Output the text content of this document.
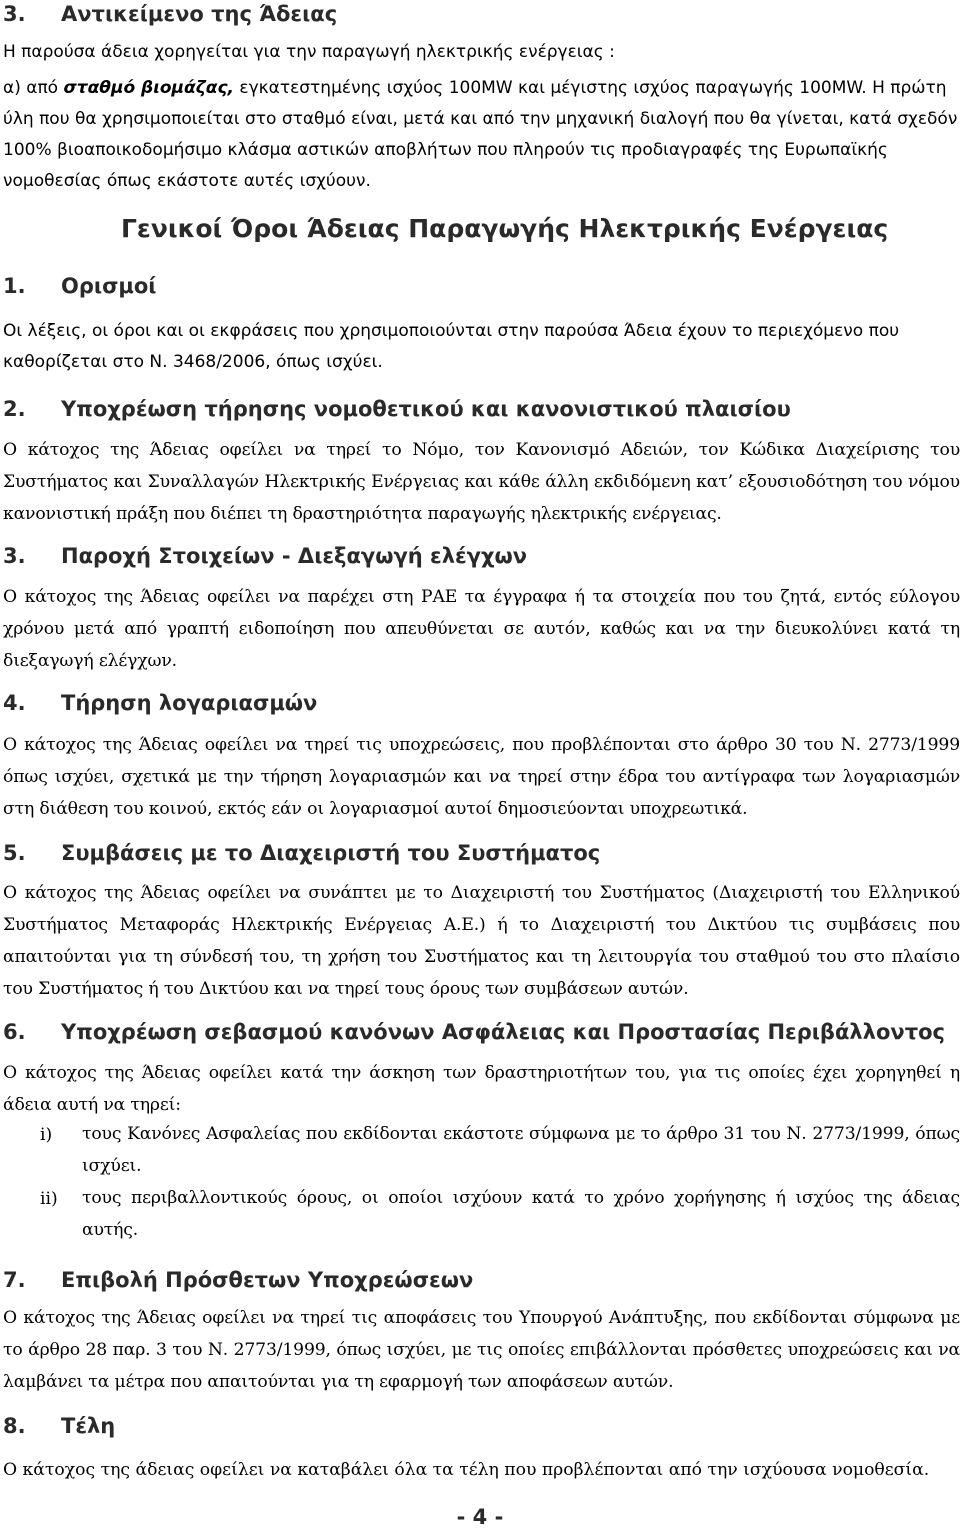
3. Αντικείμενο της Άδειας
Η παρούσα άδεια χορηγείται για την παραγωγή ηλεκτρικής ενέργειας :
α) από σταθμό βιομάζας, εγκατεστημένης ισχύος 100MW και μέγιστης ισχύος παραγωγής 100MW. Η πρώτη ύλη που θα χρησιμοποιείται στο σταθμό είναι, μετά και από την μηχανική διαλογή που θα γίνεται, κατά σχεδόν 100% βιοαποικοδομήσιμο κλάσμα αστικών αποβλήτων που πληρούν τις προδιαγραφές της Ευρωπαϊκής νομοθεσίας όπως εκάστοτε αυτές ισχύουν.
Γενικοί Όροι Άδειας Παραγωγής Ηλεκτρικής Ενέργειας
1. Ορισμοί
Οι λέξεις, οι όροι και οι εκφράσεις που χρησιμοποιούνται στην παρούσα Άδεια έχουν το περιεχόμενο που καθορίζεται στο Ν. 3468/2006, όπως ισχύει.
2. Υποχρέωση τήρησης νομοθετικού και κανονιστικού πλαισίου
Ο κάτοχος της Άδειας οφείλει να τηρεί το Νόμο, τον Κανονισμό Αδειών, τον Κώδικα Διαχείρισης του Συστήματος και Συναλλαγών Ηλεκτρικής Ενέργειας και κάθε άλλη εκδιδόμενη κατ’ εξουσιοδότηση του νόμου κανονιστική πράξη που διέπει τη δραστηριότητα παραγωγής ηλεκτρικής ενέργειας.
3. Παροχή Στοιχείων - Διεξαγωγή ελέγχων
Ο κάτοχος της Άδειας οφείλει να παρέχει στη ΡΑΕ τα έγγραφα ή τα στοιχεία που του ζητά, εντός εύλογου χρόνου μετά από γραπτή ειδοποίηση που απευθύνεται σε αυτόν, καθώς και να την διευκολύνει κατά τη διεξαγωγή ελέγχων.
4. Τήρηση λογαριασμών
Ο κάτοχος της Άδειας οφείλει να τηρεί τις υποχρεώσεις, που προβλέπονται στο άρθρο 30 του Ν. 2773/1999 όπως ισχύει, σχετικά με την τήρηση λογαριασμών και να τηρεί στην έδρα του αντίγραφα των λογαριασμών στη διάθεση του κοινού, εκτός εάν οι λογαριασμοί αυτοί δημοσιεύονται υποχρεωτικά.
5. Συμβάσεις με το Διαχειριστή του Συστήματος
Ο κάτοχος της Άδειας οφείλει να συνάπτει με το Διαχειριστή του Συστήματος (Διαχειριστή του Ελληνικού Συστήματος Μεταφοράς Ηλεκτρικής Ενέργειας Α.Ε.) ή το Διαχειριστή του Δικτύου τις συμβάσεις που απαιτούνται για τη σύνδεσή του, τη χρήση του Συστήματος και τη λειτουργία του σταθμού του στο πλαίσιο του Συστήματος ή του Δικτύου και να τηρεί τους όρους των συμβάσεων αυτών.
6. Υποχρέωση σεβασμού κανόνων Ασφάλειας και Προστασίας Περιβάλλοντος
Ο κάτοχος της Άδειας οφείλει κατά την άσκηση των δραστηριοτήτων του, για τις οποίες έχει χορηγηθεί η άδεια αυτή να τηρεί:
i) τους Κανόνες Ασφαλείας που εκδίδονται εκάστοτε σύμφωνα με το άρθρο 31 του Ν. 2773/1999, όπως ισχύει.
ii) τους περιβαλλοντικούς όρους, οι οποίοι ισχύουν κατά το χρόνο χορήγησης ή ισχύος της άδειας αυτής.
7. Επιβολή Πρόσθετων Υποχρεώσεων
Ο κάτοχος της Άδειας οφείλει να τηρεί τις αποφάσεις του Υπουργού Ανάπτυξης, που εκδίδονται σύμφωνα με το άρθρο 28 παρ. 3 του Ν. 2773/1999, όπως ισχύει, με τις οποίες επιβάλλονται πρόσθετες υποχρεώσεις και να λαμβάνει τα μέτρα που απαιτούνται για τη εφαρμογή των αποφάσεων αυτών.
8. Τέλη
Ο κάτοχος της άδειας οφείλει να καταβάλει όλα τα τέλη που προβλέπονται από την ισχύουσα νομοθεσία.
- 4 -
